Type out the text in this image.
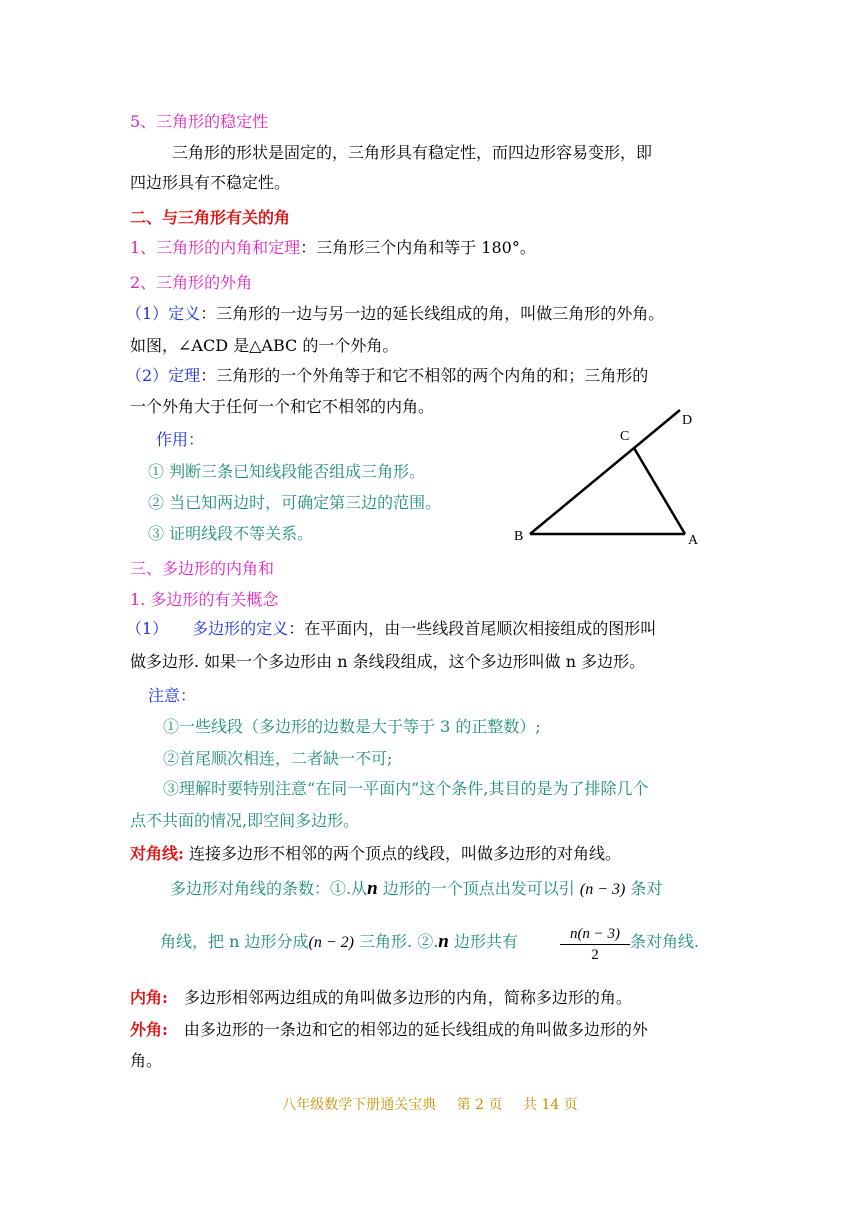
5、三角形的稳定性
三角形的形状是固定的，三角形具有稳定性，而四边形容易变形，即
四边形具有不稳定性。
二、与三角形有关的角
1、三角形的内角和定理：三角形三个内角和等于 180°。
2、三角形的外角
（1）定义：三角形的一边与另一边的延长线组成的角，叫做三角形的外角。
如图，∠ACD 是△ABC 的一个外角。
（2）定理：三角形的一个外角等于和它不相邻的两个内角的和；三角形的
一个外角大于任何一个和它不相邻的内角。
作用：
① 判断三条已知线段能否组成三角形。
② 当已知两边时，可确定第三边的范围。
③ 证明线段不等关系。	B	A
C
D
三、多边形的内角和
1. 多边形的有关概念
（1）　　多边形的定义：在平面内，由一些线段首尾顺次相接组成的图形叫
做多边形. 如果一个多边形由 n 条线段组成，这个多边形叫做 n 多边形。
注意：
①一些线段（多边形的边数是大于等于 3 的正整数）;
②首尾顺次相连，二者缺一不可;
③理解时要特别注意“在同一平面内”这个条件,其目的是为了排除几个
点不共面的情况,即空间多边形。
对角线: 连接多边形不相邻的两个顶点的线段，叫做多边形的对角线。
多边形对角线的条数：①.从n 边形的一个顶点出发可以引 (n − 3) 条对
角线，把 n 边形分成(n − 2) 三角形. ②.n 边形共有	$\frac{n(n - 3)}{2}$ 条对角线.
内角:　多边形相邻两边组成的角叫做多边形的内角，简称多边形的角。
外角:　由多边形的一条边和它的相邻边的延长线组成的角叫做多边形的外
角。
八年级数学下册通关宝典 第 2 页 共 14 页
